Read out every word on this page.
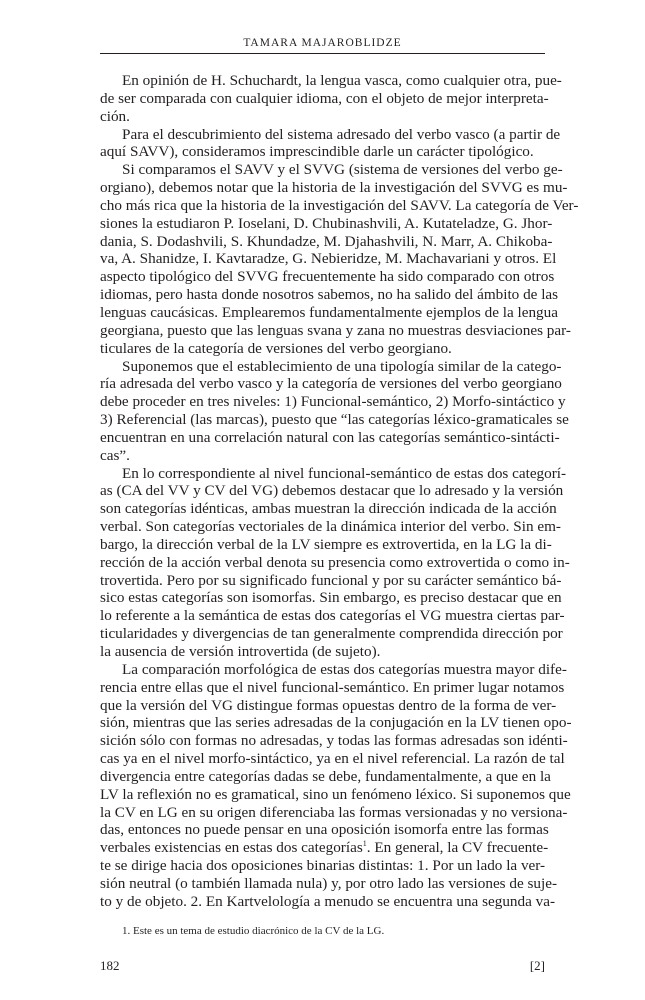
TAMARA MAJAROBLIDZE
En opinión de H. Schuchardt, la lengua vasca, como cualquier otra, pue-
de ser comparada con cualquier idioma, con el objeto de mejor interpreta-
ción.
Para el descubrimiento del sistema adresado del verbo vasco (a partir de
aquí SAVV), consideramos imprescindible darle un carácter tipológico.
Si comparamos el SAVV y el SVVG (sistema de versiones del verbo ge-
orgiano), debemos notar que la historia de la investigación del SVVG es mu-
cho más rica que la historia de la investigación del SAVV. La categoría de Ver-
siones la estudiaron P. Ioselani, D. Chubinashvili, A. Kutateladze, G. Jhor-
dania, S. Dodashvili, S. Khundadze, M. Djahashvili, N. Marr, A. Chikoba-
va, A. Shanidze, I. Kavtaradze, G. Nebieridze, M. Machavariani y otros. El
aspecto tipológico del SVVG frecuentemente ha sido comparado con otros
idiomas, pero hasta donde nosotros sabemos, no ha salido del ámbito de las
lenguas caucásicas. Emplearemos fundamentalmente ejemplos de la lengua
georgiana, puesto que las lenguas svana y zana no muestras desviaciones par-
ticulares de la categoría de versiones del verbo georgiano.
Suponemos que el establecimiento de una tipología similar de la catego-
ría adresada del verbo vasco y la categoría de versiones del verbo georgiano
debe proceder en tres niveles: 1) Funcional-semántico, 2) Morfo-sintáctico y
3) Referencial (las marcas), puesto que “las categorías léxico-gramaticales se
encuentran en una correlación natural con las categorías semántico-sintácti-
cas”.
En lo correspondiente al nivel funcional-semántico de estas dos categorí-
as (CA del VV y CV del VG) debemos destacar que lo adresado y la versión
son categorías idénticas, ambas muestran la dirección indicada de la acción
verbal. Son categorías vectoriales de la dinámica interior del verbo. Sin em-
bargo, la dirección verbal de la LV siempre es extrovertida, en la LG la di-
rección de la acción verbal denota su presencia como extrovertida o como in-
trovertida. Pero por su significado funcional y por su carácter semántico bá-
sico estas categorías son isomorfas. Sin embargo, es preciso destacar que en
lo referente a la semántica de estas dos categorías el VG muestra ciertas par-
ticularidades y divergencias de tan generalmente comprendida dirección por
la ausencia de versión introvertida (de sujeto).
La comparación morfológica de estas dos categorías muestra mayor dife-
rencia entre ellas que el nivel funcional-semántico. En primer lugar notamos
que la versión del VG distingue formas opuestas dentro de la forma de ver-
sión, mientras que las series adresadas de la conjugación en la LV tienen opo-
sición sólo con formas no adresadas, y todas las formas adresadas son idénti-
cas ya en el nivel morfo-sintáctico, ya en el nivel referencial. La razón de tal
divergencia entre categorías dadas se debe, fundamentalmente, a que en la
LV la reflexión no es gramatical, sino un fenómeno léxico. Si suponemos que
la CV en LG en su origen diferenciaba las formas versionadas y no versiona-
das, entonces no puede pensar en una oposición isomorfa entre las formas
verbales existencias en estas dos categorías$^1$. En general, la CV frecuente-
te se dirige hacia dos oposiciones binarias distintas: 1. Por un lado la ver-
sión neutral (o también llamada nula) y, por otro lado las versiones de suje-
to y de objeto. 2. En Kartvelología a menudo se encuentra una segunda va-
1. Este es un tema de estudio diacrónico de la CV de la LG.
182	[2]
